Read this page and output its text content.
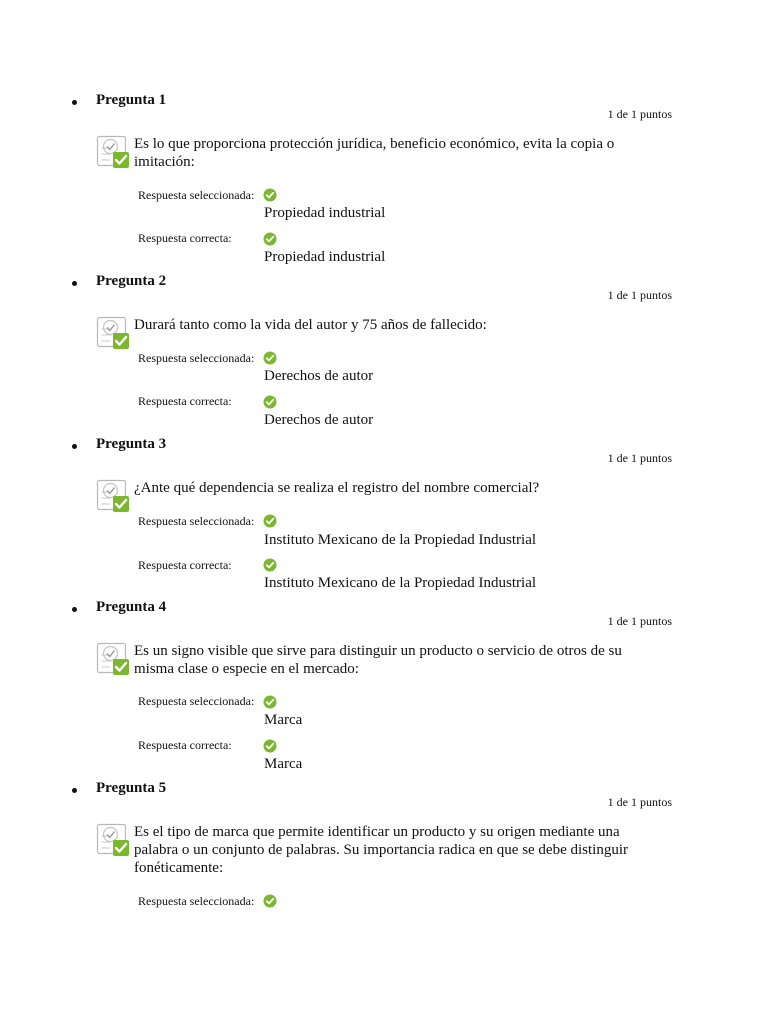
Pregunta 1
1 de 1 puntos
Es lo que proporciona protección jurídica, beneficio económico, evita la copia o imitación:
Respuesta seleccionada:
Propiedad industrial
Respuesta correcta:
Propiedad industrial
Pregunta 2
1 de 1 puntos
Durará tanto como la vida del autor y 75 años de fallecido:
Respuesta seleccionada:
Derechos de autor
Respuesta correcta:
Derechos de autor
Pregunta 3
1 de 1 puntos
¿Ante qué dependencia se realiza el registro del nombre comercial?
Respuesta seleccionada:
Instituto Mexicano de la Propiedad Industrial
Respuesta correcta:
Instituto Mexicano de la Propiedad Industrial
Pregunta 4
1 de 1 puntos
Es un signo visible que sirve para distinguir un producto o servicio de otros de su misma clase o especie en el mercado:
Respuesta seleccionada:
Marca
Respuesta correcta:
Marca
Pregunta 5
1 de 1 puntos
Es el tipo de marca que permite identificar un producto y su origen mediante una palabra o un conjunto de palabras. Su importancia radica en que se debe distinguir fonéticamente:
Respuesta seleccionada:
